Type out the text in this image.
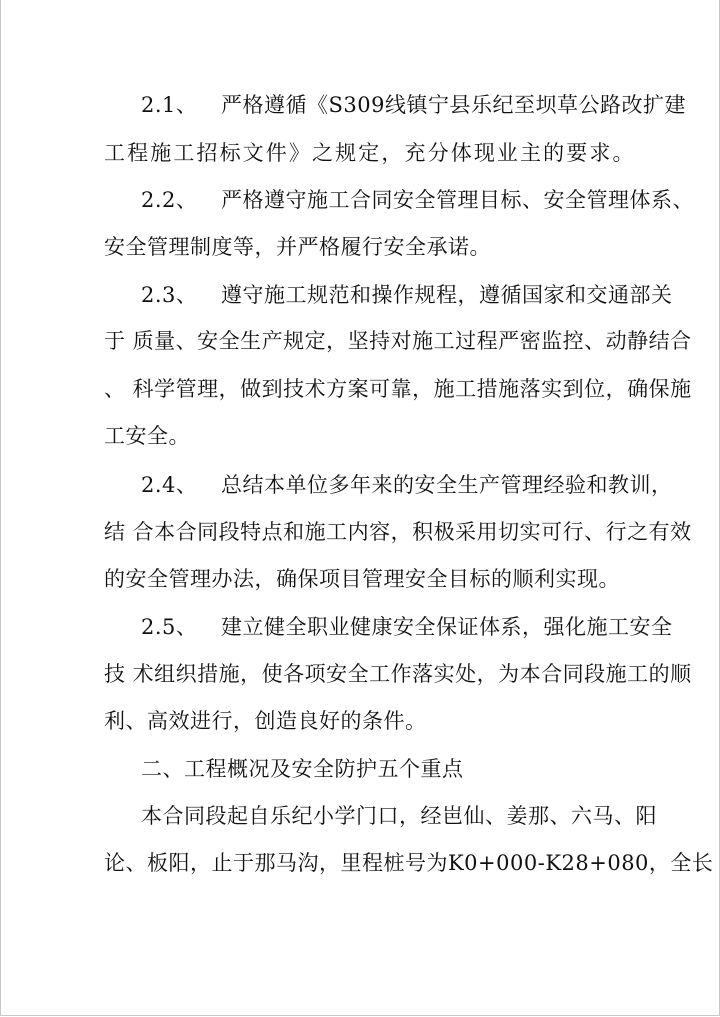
2.1、 严格遵循《S309线镇宁县乐纪至坝草公路改扩建
工程施工招标文件》之规定，充分体现业主的要求。
2.2、 严格遵守施工合同安全管理目标、安全管理体系、
安全管理制度等，并严格履行安全承诺。
2.3、 遵守施工规范和操作规程，遵循国家和交通部关
于 质量、安全生产规定，坚持对施工过程严密监控、动静结合
、 科学管理，做到技术方案可靠，施工措施落实到位，确保施
工安全。
2.4、 总结本单位多年来的安全生产管理经验和教训，
结 合本合同段特点和施工内容，积极采用切实可行、行之有效
的安全管理办法，确保项目管理安全目标的顺利实现。
2.5、 建立健全职业健康安全保证体系，强化施工安全
技 术组织措施，使各项安全工作落实处，为本合同段施工的顺
利、高效进行，创造良好的条件。
二、工程概况及安全防护五个重点
本合同段起自乐纪小学门口，经岜仙、姜那、六马、阳
论、板阳，止于那马沟，里程桩号为K0+000-K28+080，全长
